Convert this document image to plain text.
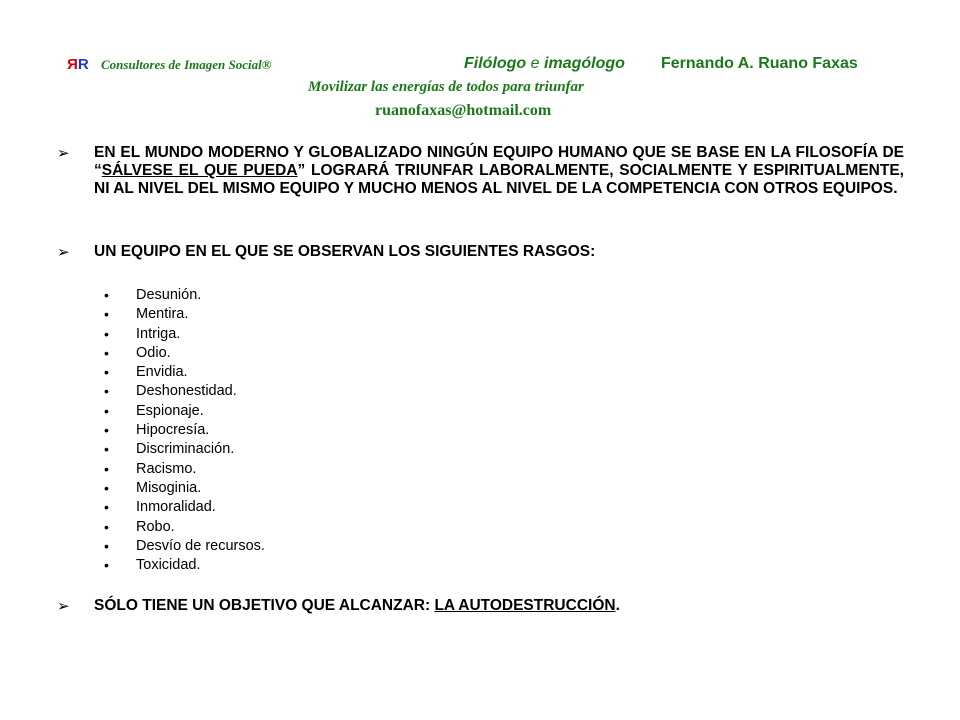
RR Consultores de Imagen Social®	Filólogo e imagólogo Fernando A. Ruano Faxas
Movilizar las energías de todos para triunfar
ruanofaxas@hotmail.com
➢ EN EL MUNDO MODERNO Y GLOBALIZADO NINGÚN EQUIPO HUMANO QUE SE BASE EN LA FILOSOFÍA DE “SÁLVESE EL QUE PUEDA” LOGRARÁ TRIUNFAR LABORALMENTE, SOCIALMENTE Y ESPIRITUALMENTE, NI AL NIVEL DEL MISMO EQUIPO Y MUCHO MENOS AL NIVEL DE LA COMPETENCIA CON OTROS EQUIPOS.
➢ UN EQUIPO EN EL QUE SE OBSERVAN LOS SIGUIENTES RASGOS:
• Desunión.
• Mentira.
• Intriga.
• Odio.
• Envidia.
• Deshonestidad.
• Espionaje.
• Hipocresía.
• Discriminación.
• Racismo.
• Misoginia.
• Inmoralidad.
• Robo.
• Desvío de recursos.
• Toxicidad.
➢ SÓLO TIENE UN OBJETIVO QUE ALCANZAR: LA AUTODESTRUCCIÓN.
